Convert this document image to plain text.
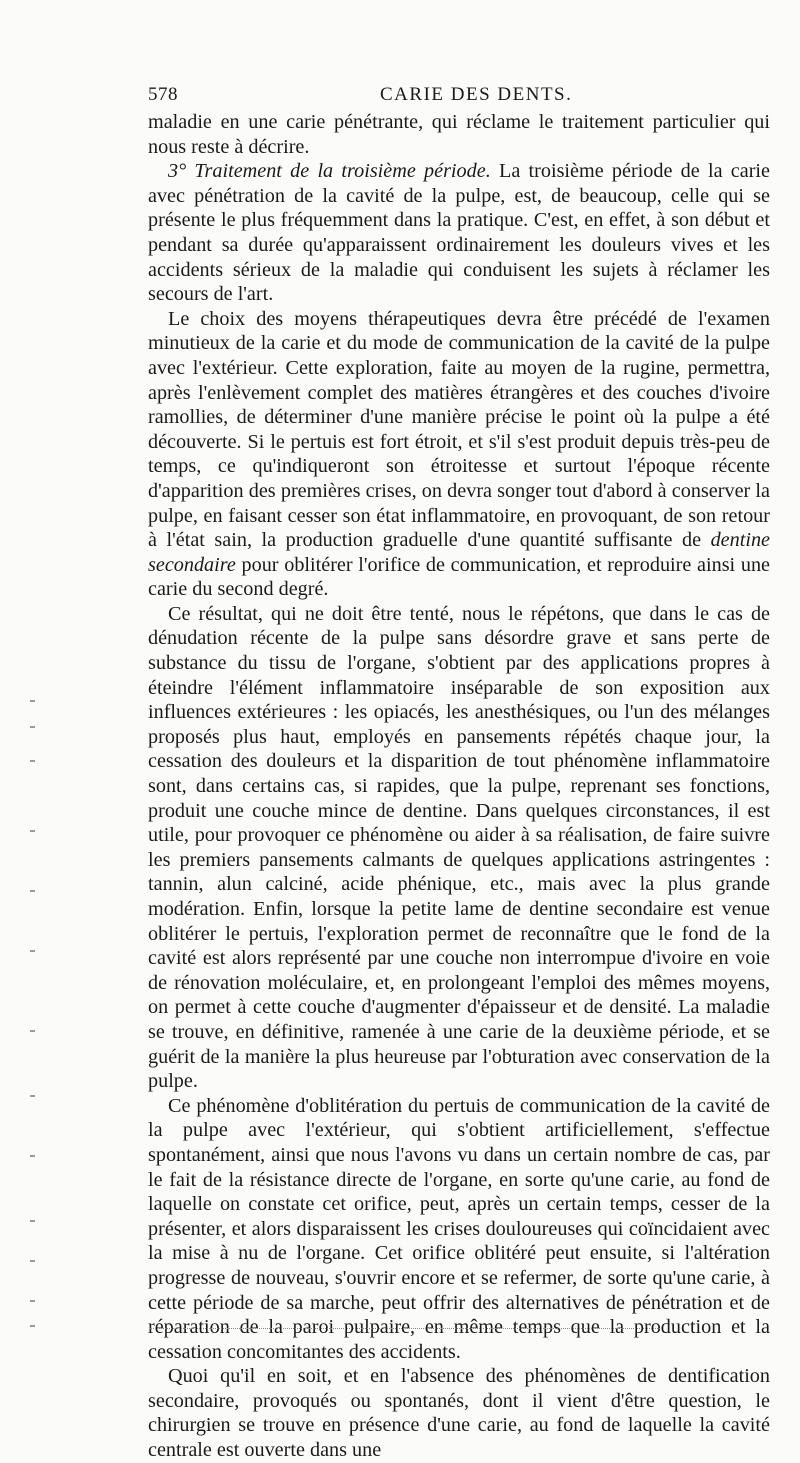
578	CARIE DES DENTS.

maladie en une carie pénétrante, qui réclame le traitement particulier qui nous reste à décrire.

3° Traitement de la troisième période. La troisième période de la carie avec pénétration de la cavité de la pulpe, est, de beaucoup, celle qui se présente le plus fréquemment dans la pratique. C'est, en effet, à son début et pendant sa durée qu'apparaissent ordinairement les douleurs vives et les accidents sérieux de la maladie qui conduisent les sujets à réclamer les secours de l'art.

Le choix des moyens thérapeutiques devra être précédé de l'examen minutieux de la carie et du mode de communication de la cavité de la pulpe avec l'extérieur. Cette exploration, faite au moyen de la rugine, permettra, après l'enlèvement complet des matières étrangères et des couches d'ivoire ramollies, de déterminer d'une manière précise le point où la pulpe a été découverte. Si le pertuis est fort étroit, et s'il s'est produit depuis très-peu de temps, ce qu'indiqueront son étroitesse et surtout l'époque récente d'apparition des premières crises, on devra songer tout d'abord à conserver la pulpe, en faisant cesser son état inflammatoire, en provoquant, de son retour à l'état sain, la production graduelle d'une quantité suffisante de dentine secondaire pour oblitérer l'orifice de communication, et reproduire ainsi une carie du second degré.

Ce résultat, qui ne doit être tenté, nous le répétons, que dans le cas de dénudation récente de la pulpe sans désordre grave et sans perte de substance du tissu de l'organe, s'obtient par des applications propres à éteindre l'élément inflammatoire inséparable de son exposition aux influences extérieures : les opiacés, les anesthésiques, ou l'un des mélanges proposés plus haut, employés en pansements répétés chaque jour, la cessation des douleurs et la disparition de tout phénomène inflammatoire sont, dans certains cas, si rapides, que la pulpe, reprenant ses fonctions, produit une couche mince de dentine. Dans quelques circonstances, il est utile, pour provoquer ce phénomène ou aider à sa réalisation, de faire suivre les premiers pansements calmants de quelques applications astringentes : tannin, alun calciné, acide phénique, etc., mais avec la plus grande modération. Enfin, lorsque la petite lame de dentine secondaire est venue oblitérer le pertuis, l'exploration permet de reconnaître que le fond de la cavité est alors représenté par une couche non interrompue d'ivoire en voie de rénovation moléculaire, et, en prolongeant l'emploi des mêmes moyens, on permet à cette couche d'augmenter d'épaisseur et de densité. La maladie se trouve, en définitive, ramenée à une carie de la deuxième période, et se guérit de la manière la plus heureuse par l'obturation avec conservation de la pulpe.

Ce phénomène d'oblitération du pertuis de communication de la cavité de la pulpe avec l'extérieur, qui s'obtient artificiellement, s'effectue spontanément, ainsi que nous l'avons vu dans un certain nombre de cas, par le fait de la résistance directe de l'organe, en sorte qu'une carie, au fond de laquelle on constate cet orifice, peut, après un certain temps, cesser de la présenter, et alors disparaissent les crises douloureuses qui coïncidaient avec la mise à nu de l'organe. Cet orifice oblitéré peut ensuite, si l'altération progresse de nouveau, s'ouvrir encore et se refermer, de sorte qu'une carie, à cette période de sa marche, peut offrir des alternatives de pénétration et de réparation de la paroi pulpaire, en même temps que la production et la cessation concomitantes des accidents.

Quoi qu'il en soit, et en l'absence des phénomènes de dentification secondaire, provoqués ou spontanés, dont il vient d'être question, le chirurgien se trouve en présence d'une carie, au fond de laquelle la cavité centrale est ouverte dans une
